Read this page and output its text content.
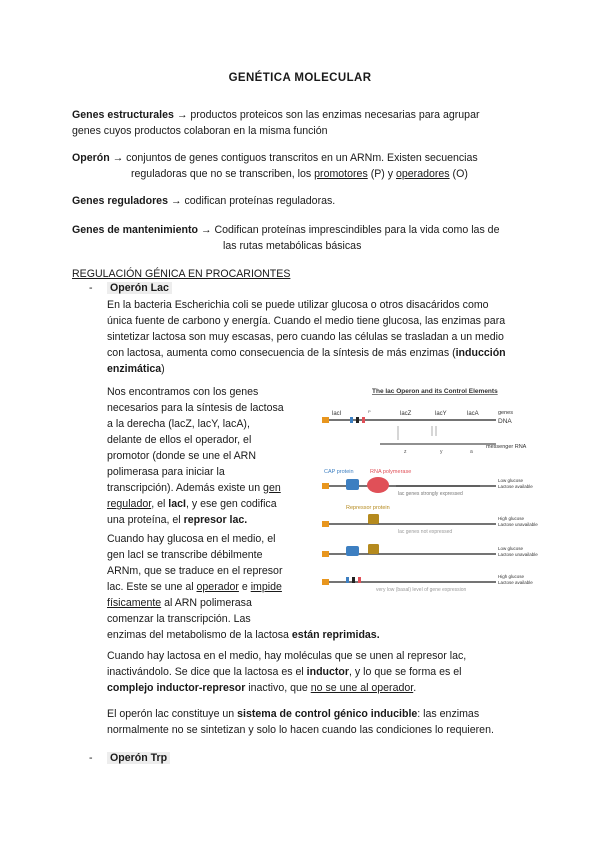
GENÉTICA MOLECULAR
Genes estructurales → productos proteicos son las enzimas necesarias para agrupar
genes cuyos productos colaboran en la misma función
Operón → conjuntos de genes contiguos transcritos en un ARNm. Existen secuencias
reguladoras que no se transcriben, los promotores (P) y operadores (O)
Genes reguladores → codifican proteínas reguladoras.
Genes de mantenimiento → Codifican proteínas imprescindibles para la vida como las de
las rutas metabólicas básicas
REGULACIÓN GÉNICA EN PROCARIONTES
- Operón Lac
En la bacteria Escherichia coli se puede utilizar glucosa o otros disacáridos como
única fuente de carbono y energía. Cuando el medio tiene glucosa, las enzimas para
sintetizar lactosa son muy escasas, pero cuando las células se trasladan a un medio
con lactosa, aumenta como consecuencia de la síntesis de más enzimas (inducción
enzimática)
Nos encontramos con los genes
necesarios para la síntesis de lactosa
a la derecha (lacZ, lacY, lacA),
delante de ellos el operador, el
promotor (donde se une el ARN
polimerasa para iniciar la
transcripción). Además existe un gen
regulador, el lacI, y ese gen codifica
una proteína, el represor lac.
Cuando hay glucosa en el medio, el
gen lacI se transcribe débilmente
ARNm, que se traduce en el represor
lac. Este se une al operador e impide
físicamente al ARN polimerasa
comenzar la transcripción. Las
enzimas del metabolismo de la lactosa están reprimidas.
Cuando hay lactosa en el medio, hay moléculas que se unen al represor lac,
inactivándolo. Se dice que la lactosa es el inductor, y lo que se forma es el
complejo inductor-represor inactivo, que no se une al operador.
El operón lac constituye un sistema de control génico inducible: las enzimas
normalmente no se sintetizan y solo lo hacen cuando las condiciones lo requieren.
- Operón Trp
The lac Operon and its Control Elements
lacI	P	lacZ	lacY	lacA	genes
DNA
z	y	a
messenger RNA
CAP protein	RNA polymerase
lac genes strongly expressed
Low glucose
Lactose available
Repressor protein
lac genes not expressed
High glucose
Lactose unavailable
Low glucose
Lactose unavailable
very low (basal) level of gene expression
High glucose
Lactose available
